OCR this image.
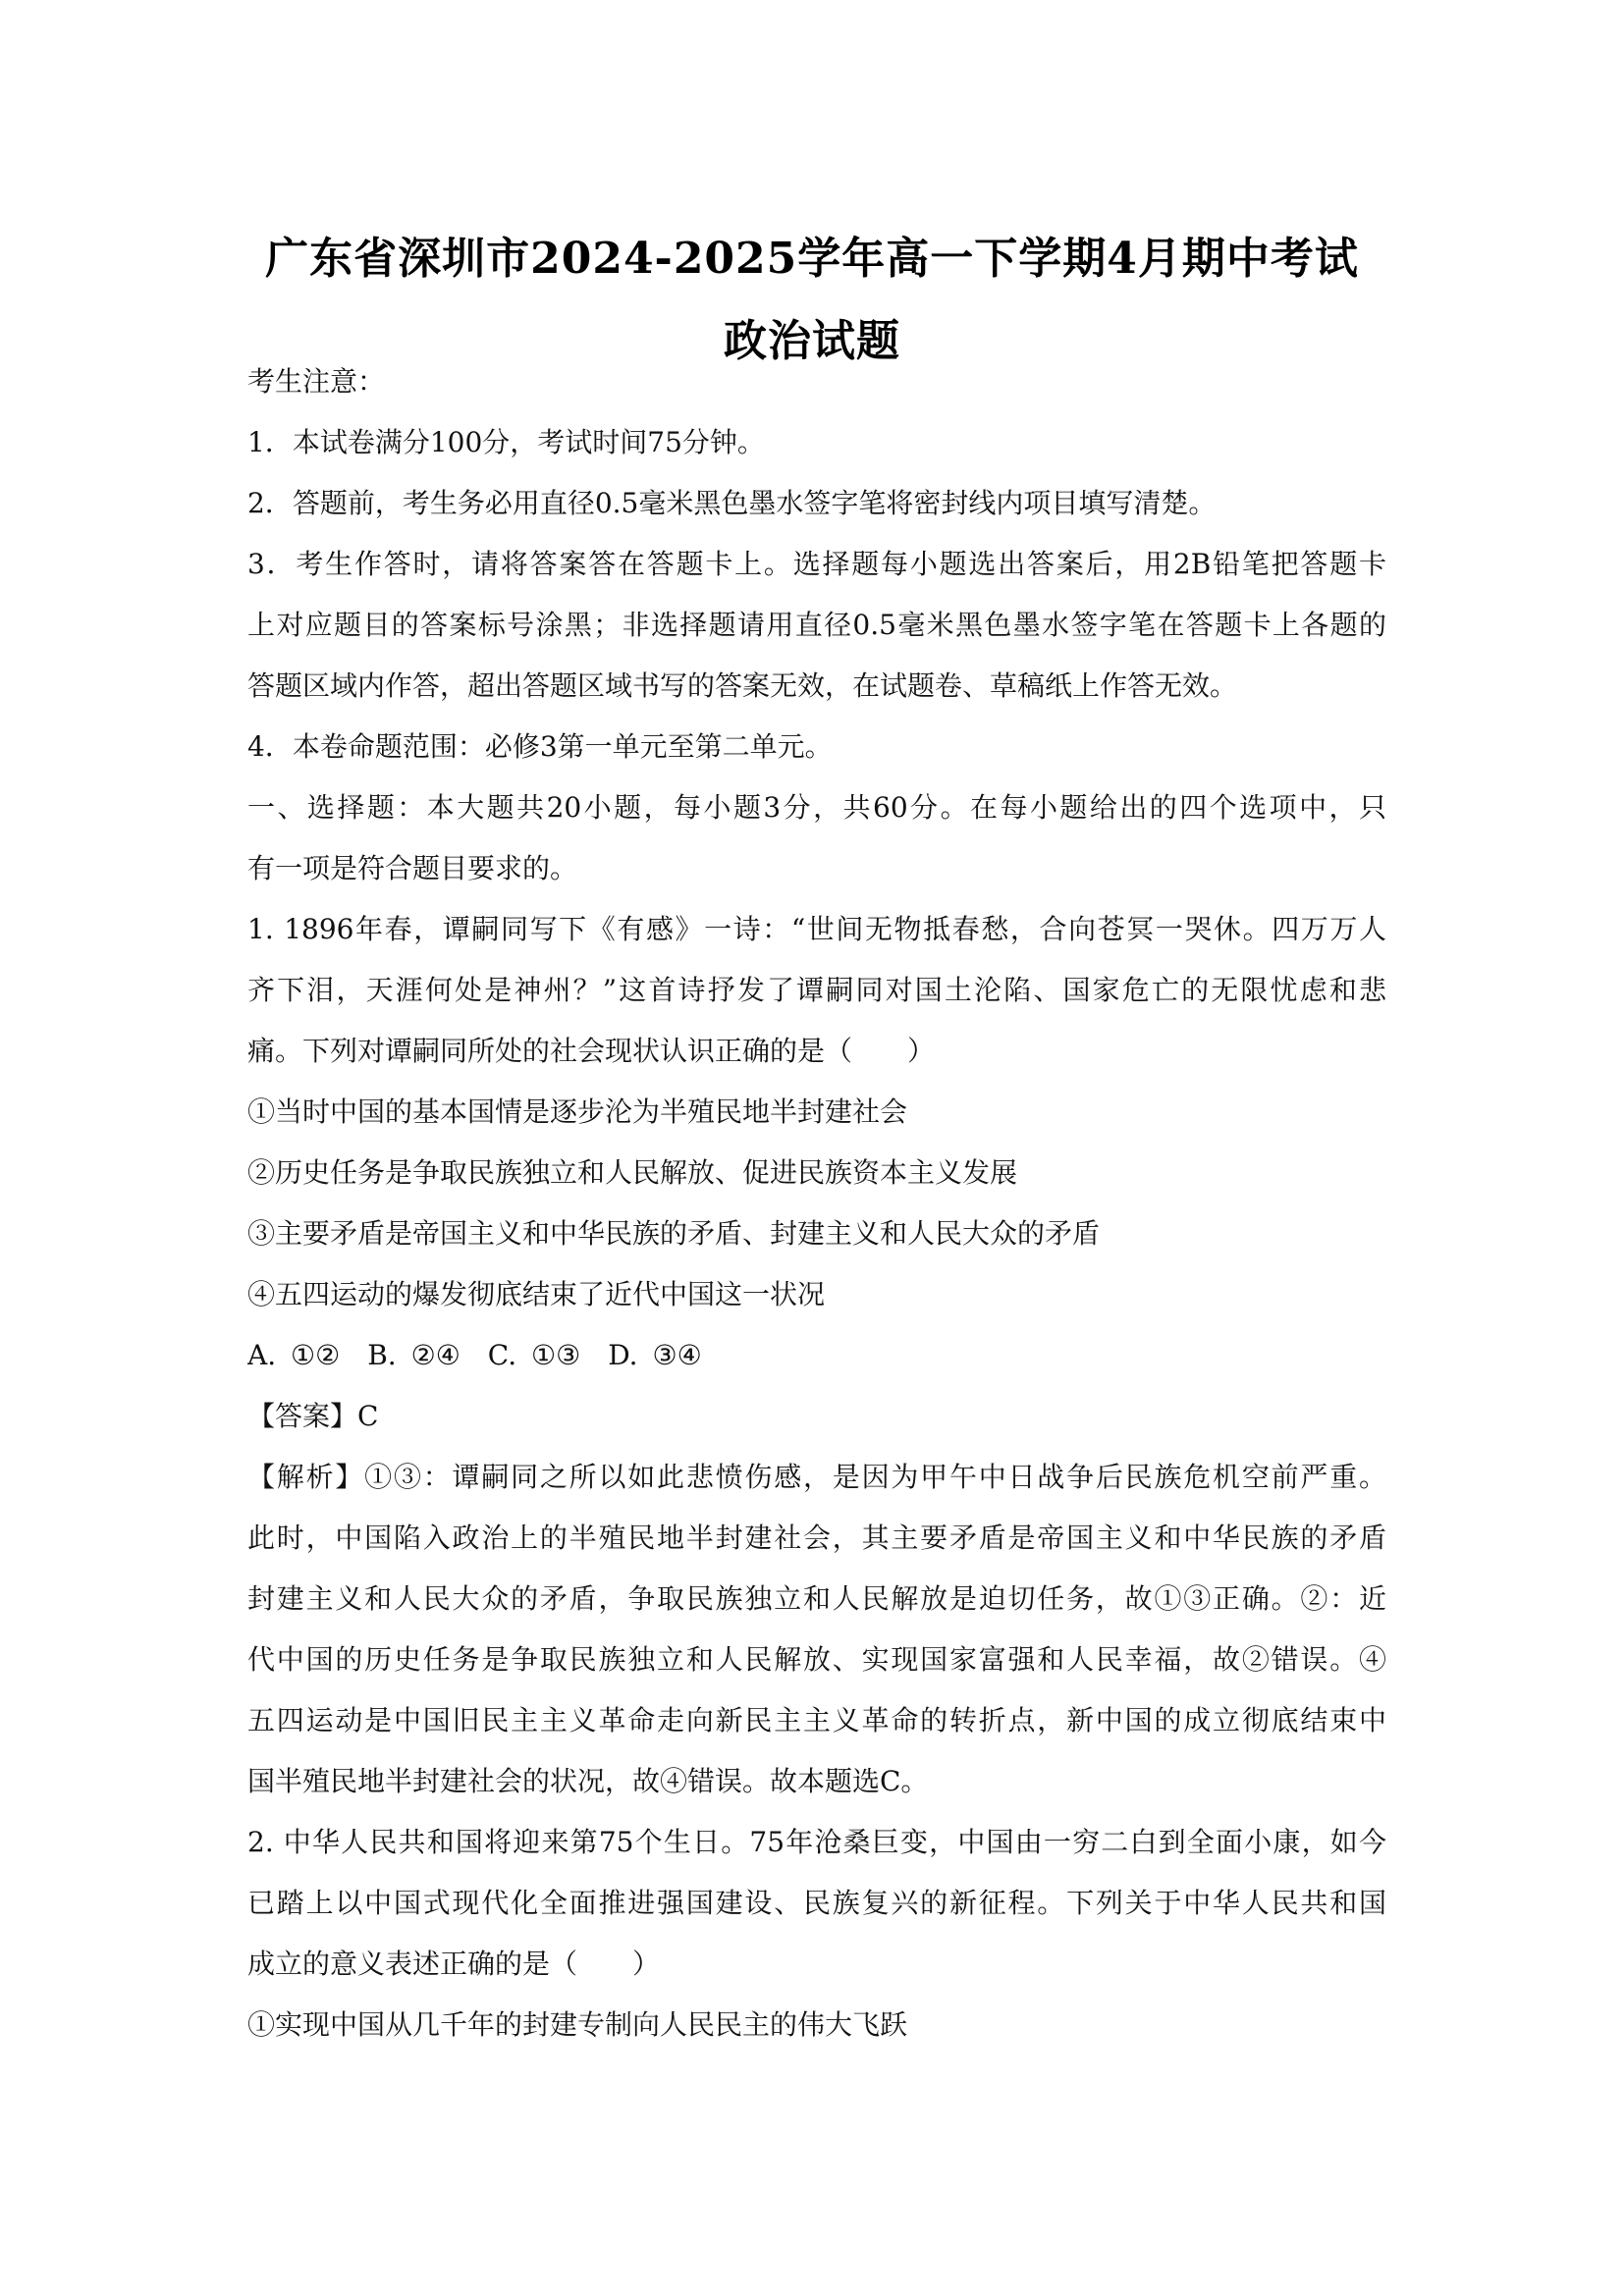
广东省深圳市2024-2025学年高一下学期4月期中考试
政治试题
考生注意：
1．本试卷满分100分，考试时间75分钟。
2．答题前，考生务必用直径0.5毫米黑色墨水签字笔将密封线内项目填写清楚。
3．考生作答时，请将答案答在答题卡上。选择题每小题选出答案后，用2B铅笔把答题卡
上对应题目的答案标号涂黑；非选择题请用直径0.5毫米黑色墨水签字笔在答题卡上各题的
答题区域内作答，超出答题区域书写的答案无效，在试题卷、草稿纸上作答无效。
4．本卷命题范围：必修3第一单元至第二单元。
一、选择题：本大题共20小题，每小题3分，共60分。在每小题给出的四个选项中，只
有一项是符合题目要求的。
1. 1896年春，谭嗣同写下《有感》一诗：“世间无物抵春愁，合向苍冥一哭休。四万万人
齐下泪，天涯何处是神州？”这首诗抒发了谭嗣同对国土沦陷、国家危亡的无限忧虑和悲
痛。下列对谭嗣同所处的社会现状认识正确的是（　　）
①当时中国的基本国情是逐步沦为半殖民地半封建社会
②历史任务是争取民族独立和人民解放、促进民族资本主义发展
③主要矛盾是帝国主义和中华民族的矛盾、封建主义和人民大众的矛盾
④五四运动的爆发彻底结束了近代中国这一状况
A. ①②　B. ②④　C. ①③　D. ③④
【答案】C
【解析】①③：谭嗣同之所以如此悲愤伤感，是因为甲午中日战争后民族危机空前严重。
此时，中国陷入政治上的半殖民地半封建社会，其主要矛盾是帝国主义和中华民族的矛盾
封建主义和人民大众的矛盾，争取民族独立和人民解放是迫切任务，故①③正确。②：近
代中国的历史任务是争取民族独立和人民解放、实现国家富强和人民幸福，故②错误。④
五四运动是中国旧民主主义革命走向新民主主义革命的转折点，新中国的成立彻底结束中
国半殖民地半封建社会的状况，故④错误。故本题选C。
2. 中华人民共和国将迎来第75个生日。75年沧桑巨变，中国由一穷二白到全面小康，如今
已踏上以中国式现代化全面推进强国建设、民族复兴的新征程。下列关于中华人民共和国
成立的意义表述正确的是（　　）
①实现中国从几千年的封建专制向人民民主的伟大飞跃
